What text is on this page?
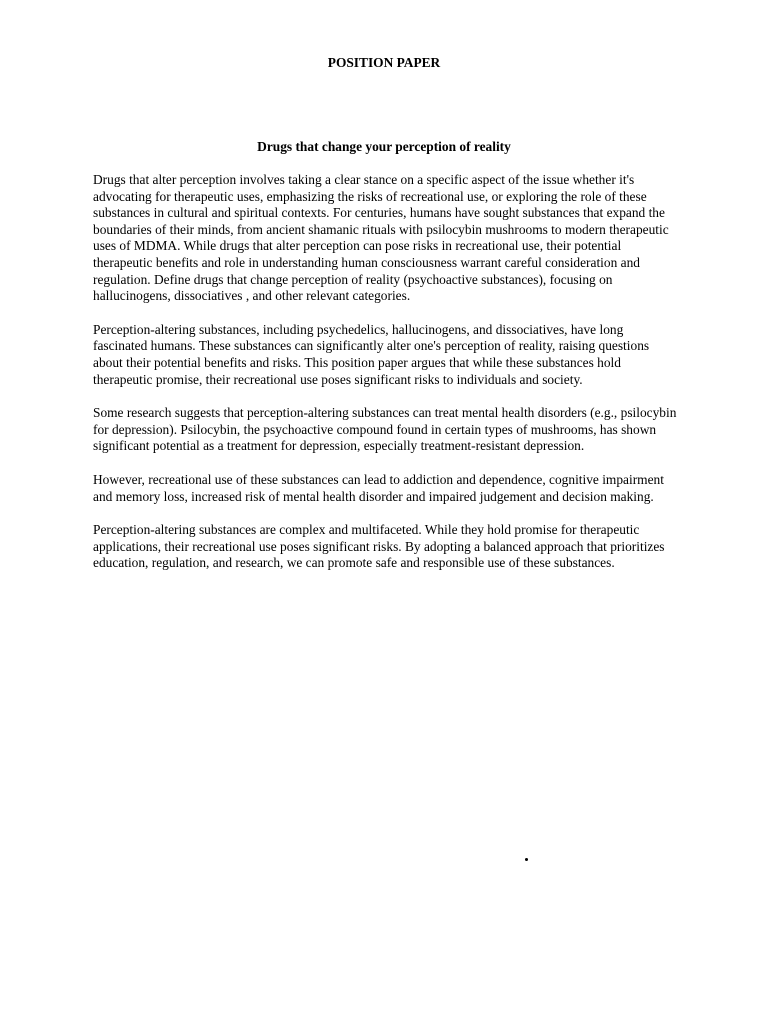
POSITION PAPER
Drugs that change your perception of reality

Drugs that alter perception involves taking a clear stance on a specific aspect of the issue whether it's advocating for therapeutic uses, emphasizing the risks of recreational use, or exploring the role of these substances in cultural and spiritual contexts. For centuries, humans have sought substances that expand the boundaries of their minds, from ancient shamanic rituals with psilocybin mushrooms to modern therapeutic uses of MDMA. While drugs that alter perception can pose risks in recreational use, their potential therapeutic benefits and role in understanding human consciousness warrant careful consideration and regulation. Define drugs that change perception of reality (psychoactive substances), focusing on hallucinogens, dissociatives , and other relevant categories.

Perception-altering substances, including psychedelics, hallucinogens, and dissociatives, have long fascinated humans. These substances can significantly alter one's perception of reality, raising questions about their potential benefits and risks. This position paper argues that while these substances hold therapeutic promise, their recreational use poses significant risks to individuals and society.

Some research suggests that perception-altering substances can treat mental health disorders (e.g., psilocybin for depression). Psilocybin, the psychoactive compound found in certain types of mushrooms, has shown significant potential as a treatment for depression, especially treatment-resistant depression.

However, recreational use of these substances can lead to addiction and dependence, cognitive impairment and memory loss, increased risk of mental health disorder and impaired judgement and decision making.

Perception-altering substances are complex and multifaceted. While they hold promise for therapeutic applications, their recreational use poses significant risks. By adopting a balanced approach that prioritizes education, regulation, and research, we can promote safe and responsible use of these substances.
